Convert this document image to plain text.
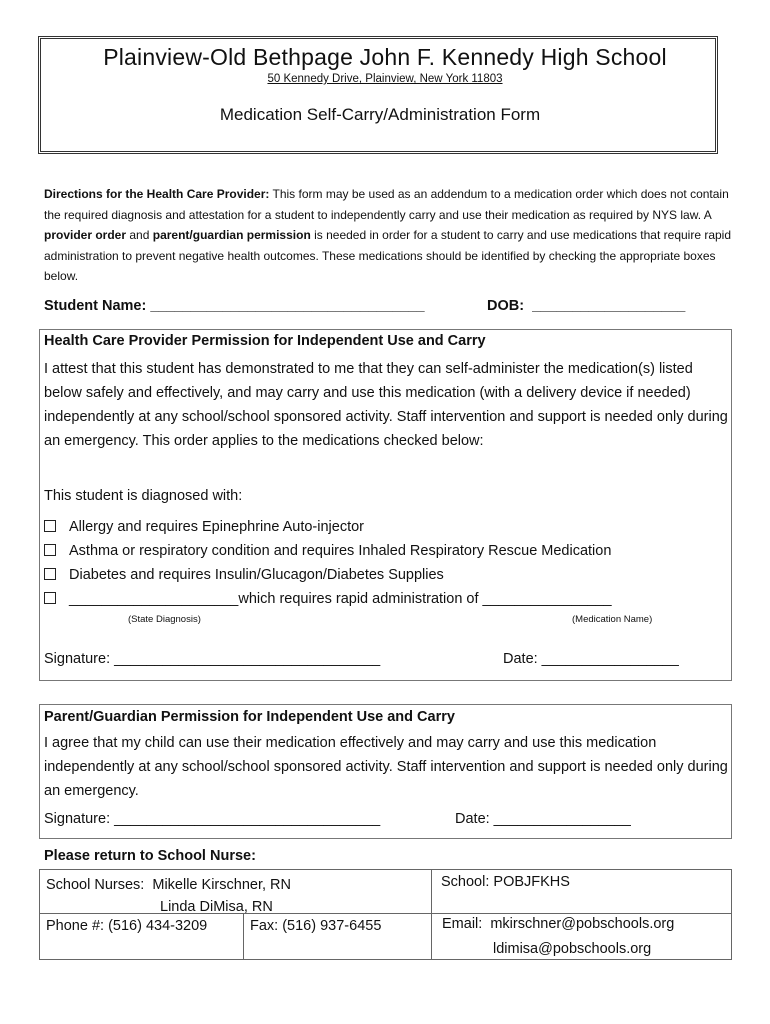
Plainview-Old Bethpage John F. Kennedy High School
50 Kennedy Drive, Plainview, New York 11803
Medication Self-Carry/Administration Form
Directions for the Health Care Provider: This form may be used as an addendum to a medication order which does not contain the required diagnosis and attestation for a student to independently carry and use their medication as required by NYS law. A provider order and parent/guardian permission is needed in order for a student to carry and use medications that require rapid administration to prevent negative health outcomes. These medications should be identified by checking the appropriate boxes below.
Student Name: __________________________________	DOB:  ___________________
Health Care Provider Permission for Independent Use and Carry
I attest that this student has demonstrated to me that they can self-administer the medication(s) listed below safely and effectively, and may carry and use this medication (with a delivery device if needed) independently at any school/school sponsored activity. Staff intervention and support is needed only during an emergency. This order applies to the medications checked below:
This student is diagnosed with:
Allergy and requires Epinephrine Auto-injector
Asthma or respiratory condition and requires Inhaled Respiratory Rescue Medication
Diabetes and requires Insulin/Glucagon/Diabetes Supplies
_____________________which requires rapid administration of ________________
(State Diagnosis)	(Medication Name)
Signature: _________________________________	Date: _________________
Parent/Guardian Permission for Independent Use and Carry
I agree that my child can use their medication effectively and may carry and use this medication independently at any school/school sponsored activity. Staff intervention and support is needed only during an emergency.
Signature: _________________________________	Date: _________________
Please return to School Nurse:
School Nurses:  Mikelle Kirschner, RN
Linda DiMisa, RN
School: POBJFKHS
Phone #: (516) 434-3209	Fax: (516) 937-6455	Email:  mkirschner@pobschools.org
ldimisa@pobschools.org
